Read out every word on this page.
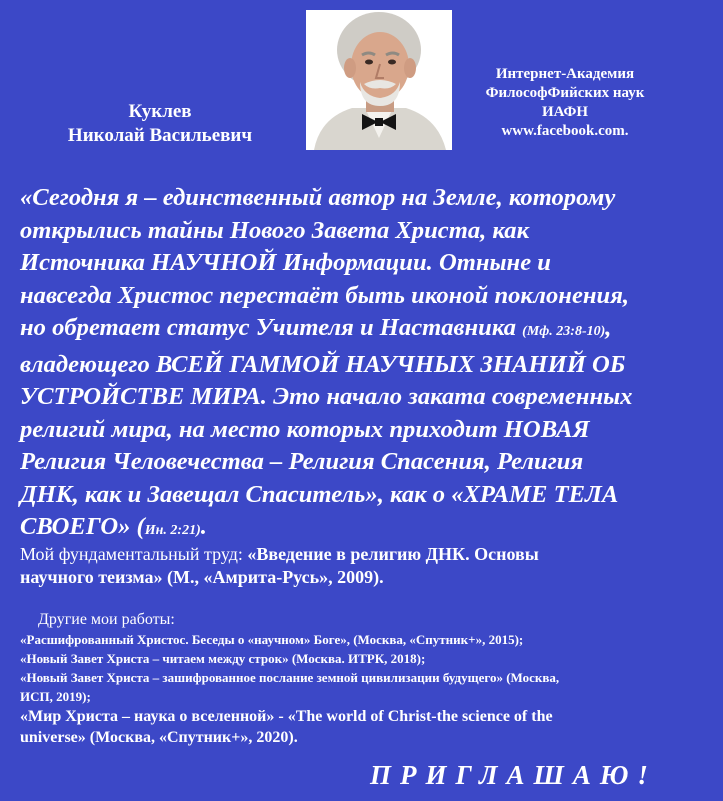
Куклев
Николай Васильевич
Интернет-Академия
ФилософФийских наук
ИАФН
www.facebook.com.
«Сегодня я – единственный автор на Земле, которому
открылись тайны Нового Завета Христа, как
Источника НАУЧНОЙ Информации. Отныне и
навсегда Христос перестаёт быть иконой поклонения,
но обретает статус Учителя и Наставника (Мф. 23:8-10),
владеющего ВСЕЙ ГАММОЙ НАУЧНЫХ ЗНАНИЙ ОБ
УСТРОЙСТВЕ МИРА. Это начало заката современных
религий мира, на место которых приходит НОВАЯ
Религия Человечества – Религия Спасения, Религия
ДНК, как и Завещал Спаситель», как о «ХРАМЕ ТЕЛА
СВОЕГО» (Ин. 2:21).
Мой фундаментальный труд: «Введение в религию ДНК. Основы
научного теизма» (М., «Амрита-Русь», 2009).
Другие мои работы:
«Расшифрованный Христос. Беседы о «научном» Боге», (Москва, «Спутник+», 2015);
«Новый Завет Христа – читаем между строк» (Москва. ИТРК, 2018);
«Новый Завет Христа – зашифрованное послание земной цивилизации будущего» (Москва,
ИСП, 2019);
«Мир Христа – наука о вселенной» - «The world of Christ-the science of the
universe» (Москва, «Спутник+», 2020).
ПРИГЛАШАЮ!
